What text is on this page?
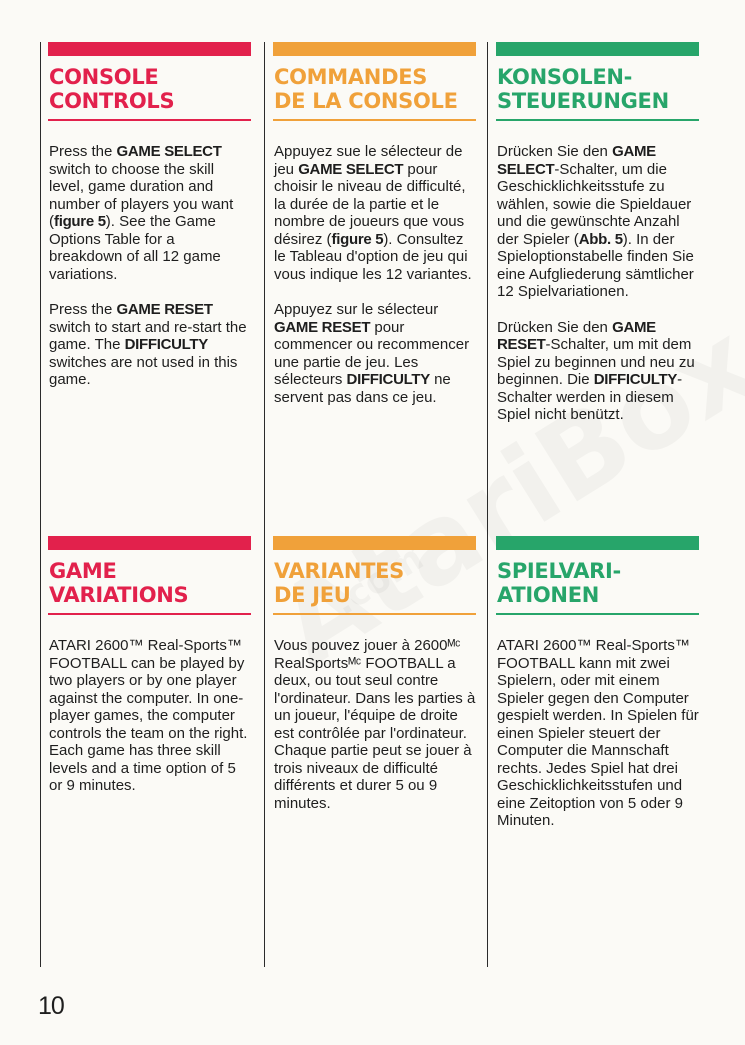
CONSOLE
CONTROLS

Press the GAME SELECT switch to choose the skill level, game duration and number of players you want (figure 5). See the Game Options Table for a breakdown of all 12 game variations.

Press the GAME RESET switch to start and re-start the game. The DIFFICULTY switches are not used in this game.

GAME
VARIATIONS

ATARI 2600™ Real-Sports™ FOOTBALL can be played by two players or by one player against the computer. In one-player games, the computer controls the team on the right. Each game has three skill levels and a time option of 5 or 9 minutes.

COMMANDES
DE LA CONSOLE

Appuyez sue le sélecteur de jeu GAME SELECT pour choisir le niveau de difficulté, la durée de la partie et le nombre de joueurs que vous désirez (figure 5). Consultez le Tableau d'option de jeu qui vous indique les 12 variantes.

Appuyez sur le sélecteur GAME RESET pour commencer ou recommencer une partie de jeu. Les sélecteurs DIFFICULTY ne servent pas dans ce jeu.

VARIANTES
DE JEU

Vous pouvez jouer à 2600ᴹᶜ RealSportsᴹᶜ FOOTBALL a deux, ou tout seul contre l'ordinateur. Dans les parties à un joueur, l'équipe de droite est contrôlée par l'ordinateur. Chaque partie peut se jouer à trois niveaux de difficulté différents et durer 5 ou 9 minutes.

KONSOLEN-
STEUERUNGEN

Drücken Sie den GAME SELECT-Schalter, um die Geschicklichkeitsstufe zu wählen, sowie die Spieldauer und die gewünschte Anzahl der Spieler (Abb. 5). In der Spieloptionstabelle finden Sie eine Aufgliederung sämtlicher 12 Spielvariationen.

Drücken Sie den GAME RESET-Schalter, um mit dem Spiel zu beginnen und neu zu beginnen. Die DIFFICULTY-Schalter werden in diesem Spiel nicht benützt.

SPIELVARI-
ATIONEN

ATARI 2600™ Real-Sports™ FOOTBALL kann mit zwei Spielern, oder mit einem Spieler gegen den Computer gespielt werden. In Spielen für einen Spieler steuert der Computer die Mannschaft rechts. Jedes Spiel hat drei Geschicklichkeitsstufen und eine Zeitoption von 5 oder 9 Minuten.

10
